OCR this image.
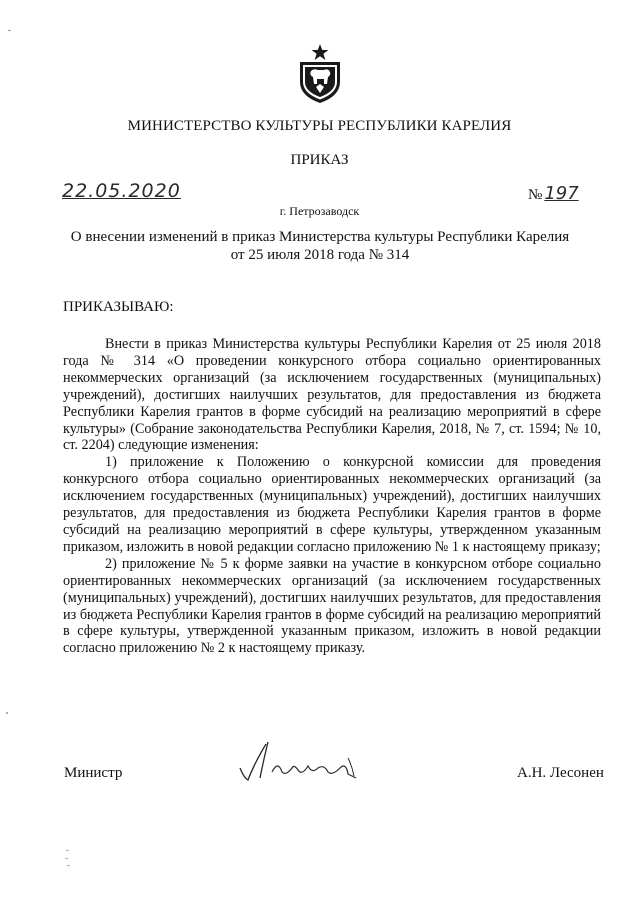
МИНИСТЕРСТВО КУЛЬТУРЫ РЕСПУБЛИКИ КАРЕЛИЯ
ПРИКАЗ
22.05.2020	№ 197
г. Петрозаводск
О внесении изменений в приказ Министерства культуры Республики Карелия
от 25 июля 2018 года № 314
ПРИКАЗЫВАЮ:

Внести в приказ Министерства культуры Республики Карелия от 25 июля 2018 года № 314 «О проведении конкурсного отбора социально ориентированных некоммерческих организаций (за исключением государственных (муниципальных) учреждений), достигших наилучших результатов, для предоставления из бюджета Республики Карелия грантов в форме субсидий на реализацию мероприятий в сфере культуры» (Собрание законодательства Республики Карелия, 2018, № 7, ст. 1594; № 10, ст. 2204) следующие изменения:

1) приложение к Положению о конкурсной комиссии для проведения конкурсного отбора социально ориентированных некоммерческих организаций (за исключением государственных (муниципальных) учреждений), достигших наилучших результатов, для предоставления из бюджета Республики Карелия грантов в форме субсидий на реализацию мероприятий в сфере культуры, утвержденном указанным приказом, изложить в новой редакции согласно приложению № 1 к настоящему приказу;

2) приложение № 5 к форме заявки на участие в конкурсном отборе социально ориентированных некоммерческих организаций (за исключением государственных (муниципальных) учреждений), достигших наилучших результатов, для предоставления из бюджета Республики Карелия грантов в форме субсидий на реализацию мероприятий в сфере культуры, утвержденной указанным приказом, изложить в новой редакции согласно приложению № 2 к настоящему приказу.

Министр	А.Н. Лесонен
